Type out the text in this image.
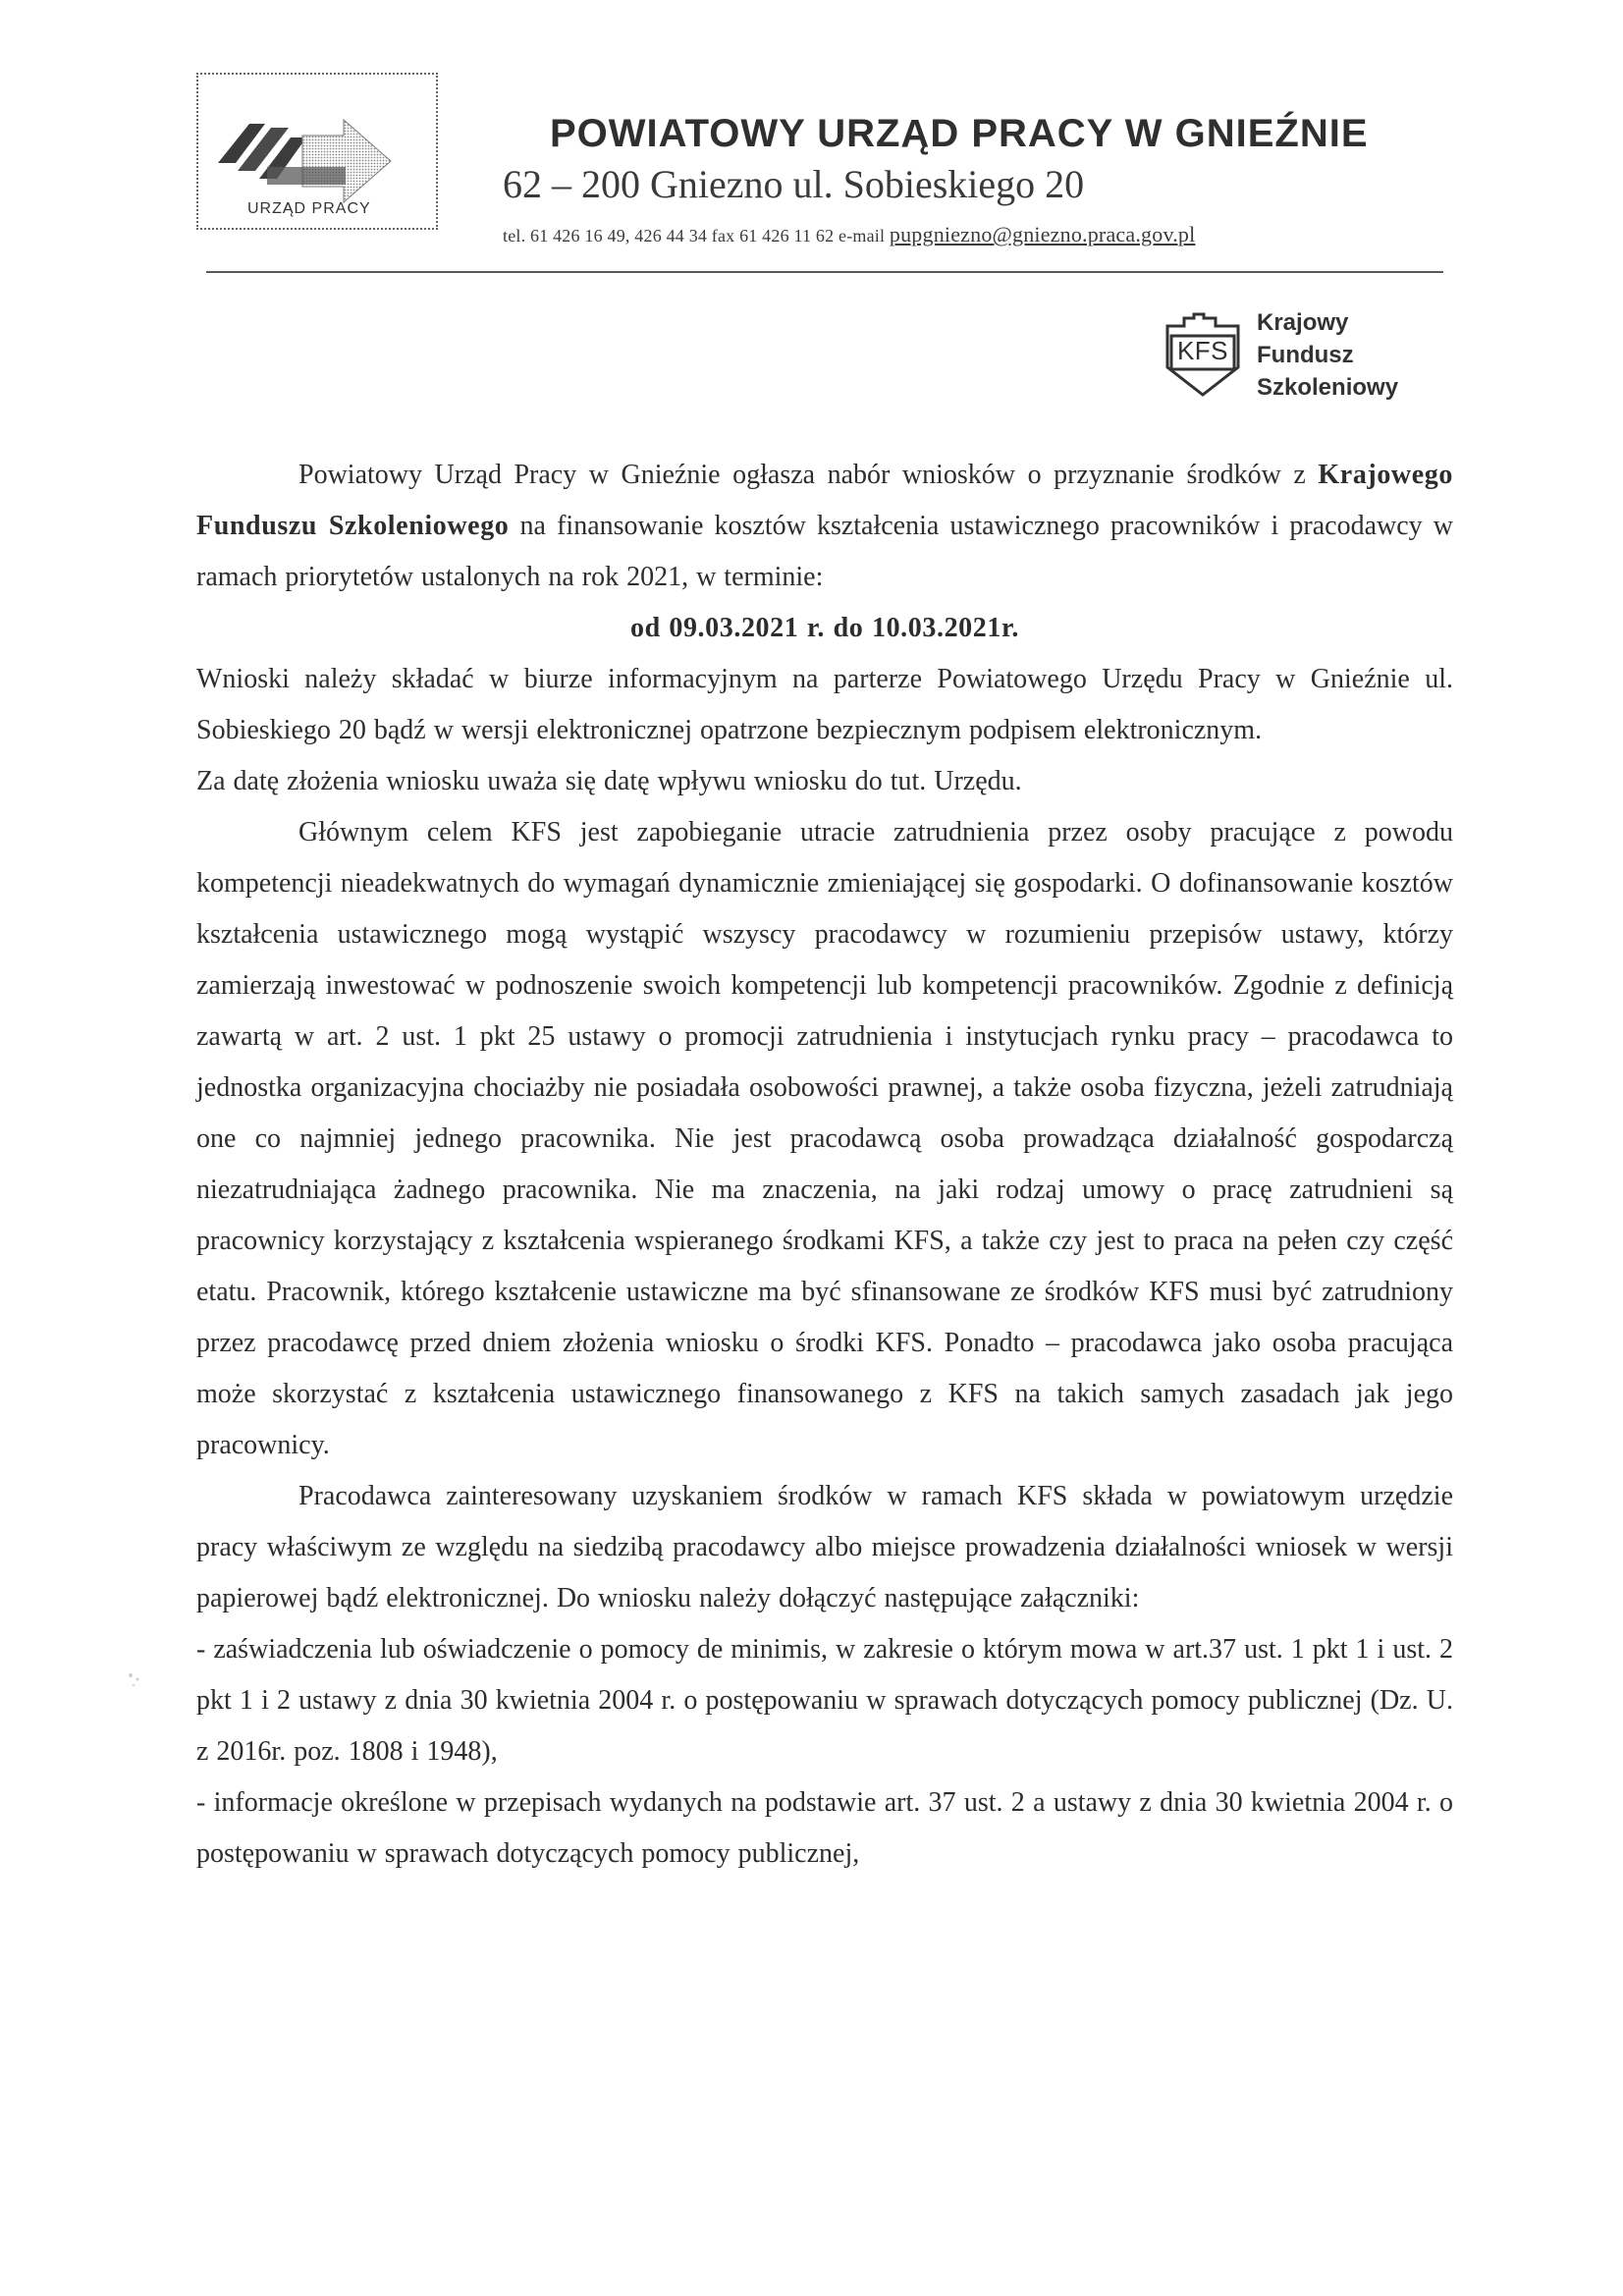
URZĄD PRACY
POWIATOWY URZĄD PRACY W GNIEŹNIE
62 – 200 Gniezno ul. Sobieskiego 20
tel. 61 426 16 49, 426 44 34 fax 61 426 11 62 e-mail pupgniezno@gniezno.praca.gov.pl
KFS
Krajowy
Fundusz
Szkoleniowy

Powiatowy Urząd Pracy w Gnieźnie ogłasza nabór wniosków o przyznanie środków z Krajowego Funduszu Szkoleniowego na finansowanie kosztów kształcenia ustawicznego pracowników i pracodawcy w ramach priorytetów ustalonych na rok 2021, w terminie:

od 09.03.2021 r. do 10.03.2021r.

Wnioski należy składać w biurze informacyjnym na parterze Powiatowego Urzędu Pracy w Gnieźnie ul. Sobieskiego 20 bądź w wersji elektronicznej opatrzone bezpiecznym podpisem elektronicznym.

Za datę złożenia wniosku uważa się datę wpływu wniosku do tut. Urzędu.

Głównym celem KFS jest zapobieganie utracie zatrudnienia przez osoby pracujące z powodu kompetencji nieadekwatnych do wymagań dynamicznie zmieniającej się gospodarki. O dofinansowanie kosztów kształcenia ustawicznego mogą wystąpić wszyscy pracodawcy w rozumieniu przepisów ustawy, którzy zamierzają inwestować w podnoszenie swoich kompetencji lub kompetencji pracowników. Zgodnie z definicją zawartą w art. 2 ust. 1 pkt 25 ustawy o promocji zatrudnienia i instytucjach rynku pracy – pracodawca to jednostka organizacyjna chociażby nie posiadała osobowości prawnej, a także osoba fizyczna, jeżeli zatrudniają one co najmniej jednego pracownika. Nie jest pracodawcą osoba prowadząca działalność gospodarczą niezatrudniająca żadnego pracownika. Nie ma znaczenia, na jaki rodzaj umowy o pracę zatrudnieni są pracownicy korzystający z kształcenia wspieranego środkami KFS, a także czy jest to praca na pełen czy część etatu. Pracownik, którego kształcenie ustawiczne ma być sfinansowane ze środków KFS musi być zatrudniony przez pracodawcę przed dniem złożenia wniosku o środki KFS. Ponadto – pracodawca jako osoba pracująca może skorzystać z kształcenia ustawicznego finansowanego z KFS na takich samych zasadach jak jego pracownicy.

Pracodawca zainteresowany uzyskaniem środków w ramach KFS składa w powiatowym urzędzie pracy właściwym ze względu na siedzibą pracodawcy albo miejsce prowadzenia działalności wniosek w wersji papierowej bądź elektronicznej. Do wniosku należy dołączyć następujące załączniki:

- zaświadczenia lub oświadczenie o pomocy de minimis, w zakresie o którym mowa w art.37 ust. 1 pkt 1 i ust. 2 pkt 1 i 2 ustawy z dnia 30 kwietnia 2004 r. o postępowaniu w sprawach dotyczących pomocy publicznej (Dz. U. z 2016r. poz. 1808 i 1948),

- informacje określone w przepisach wydanych na podstawie art. 37 ust. 2 a ustawy z dnia 30 kwietnia 2004 r. o postępowaniu w sprawach dotyczących pomocy publicznej,
